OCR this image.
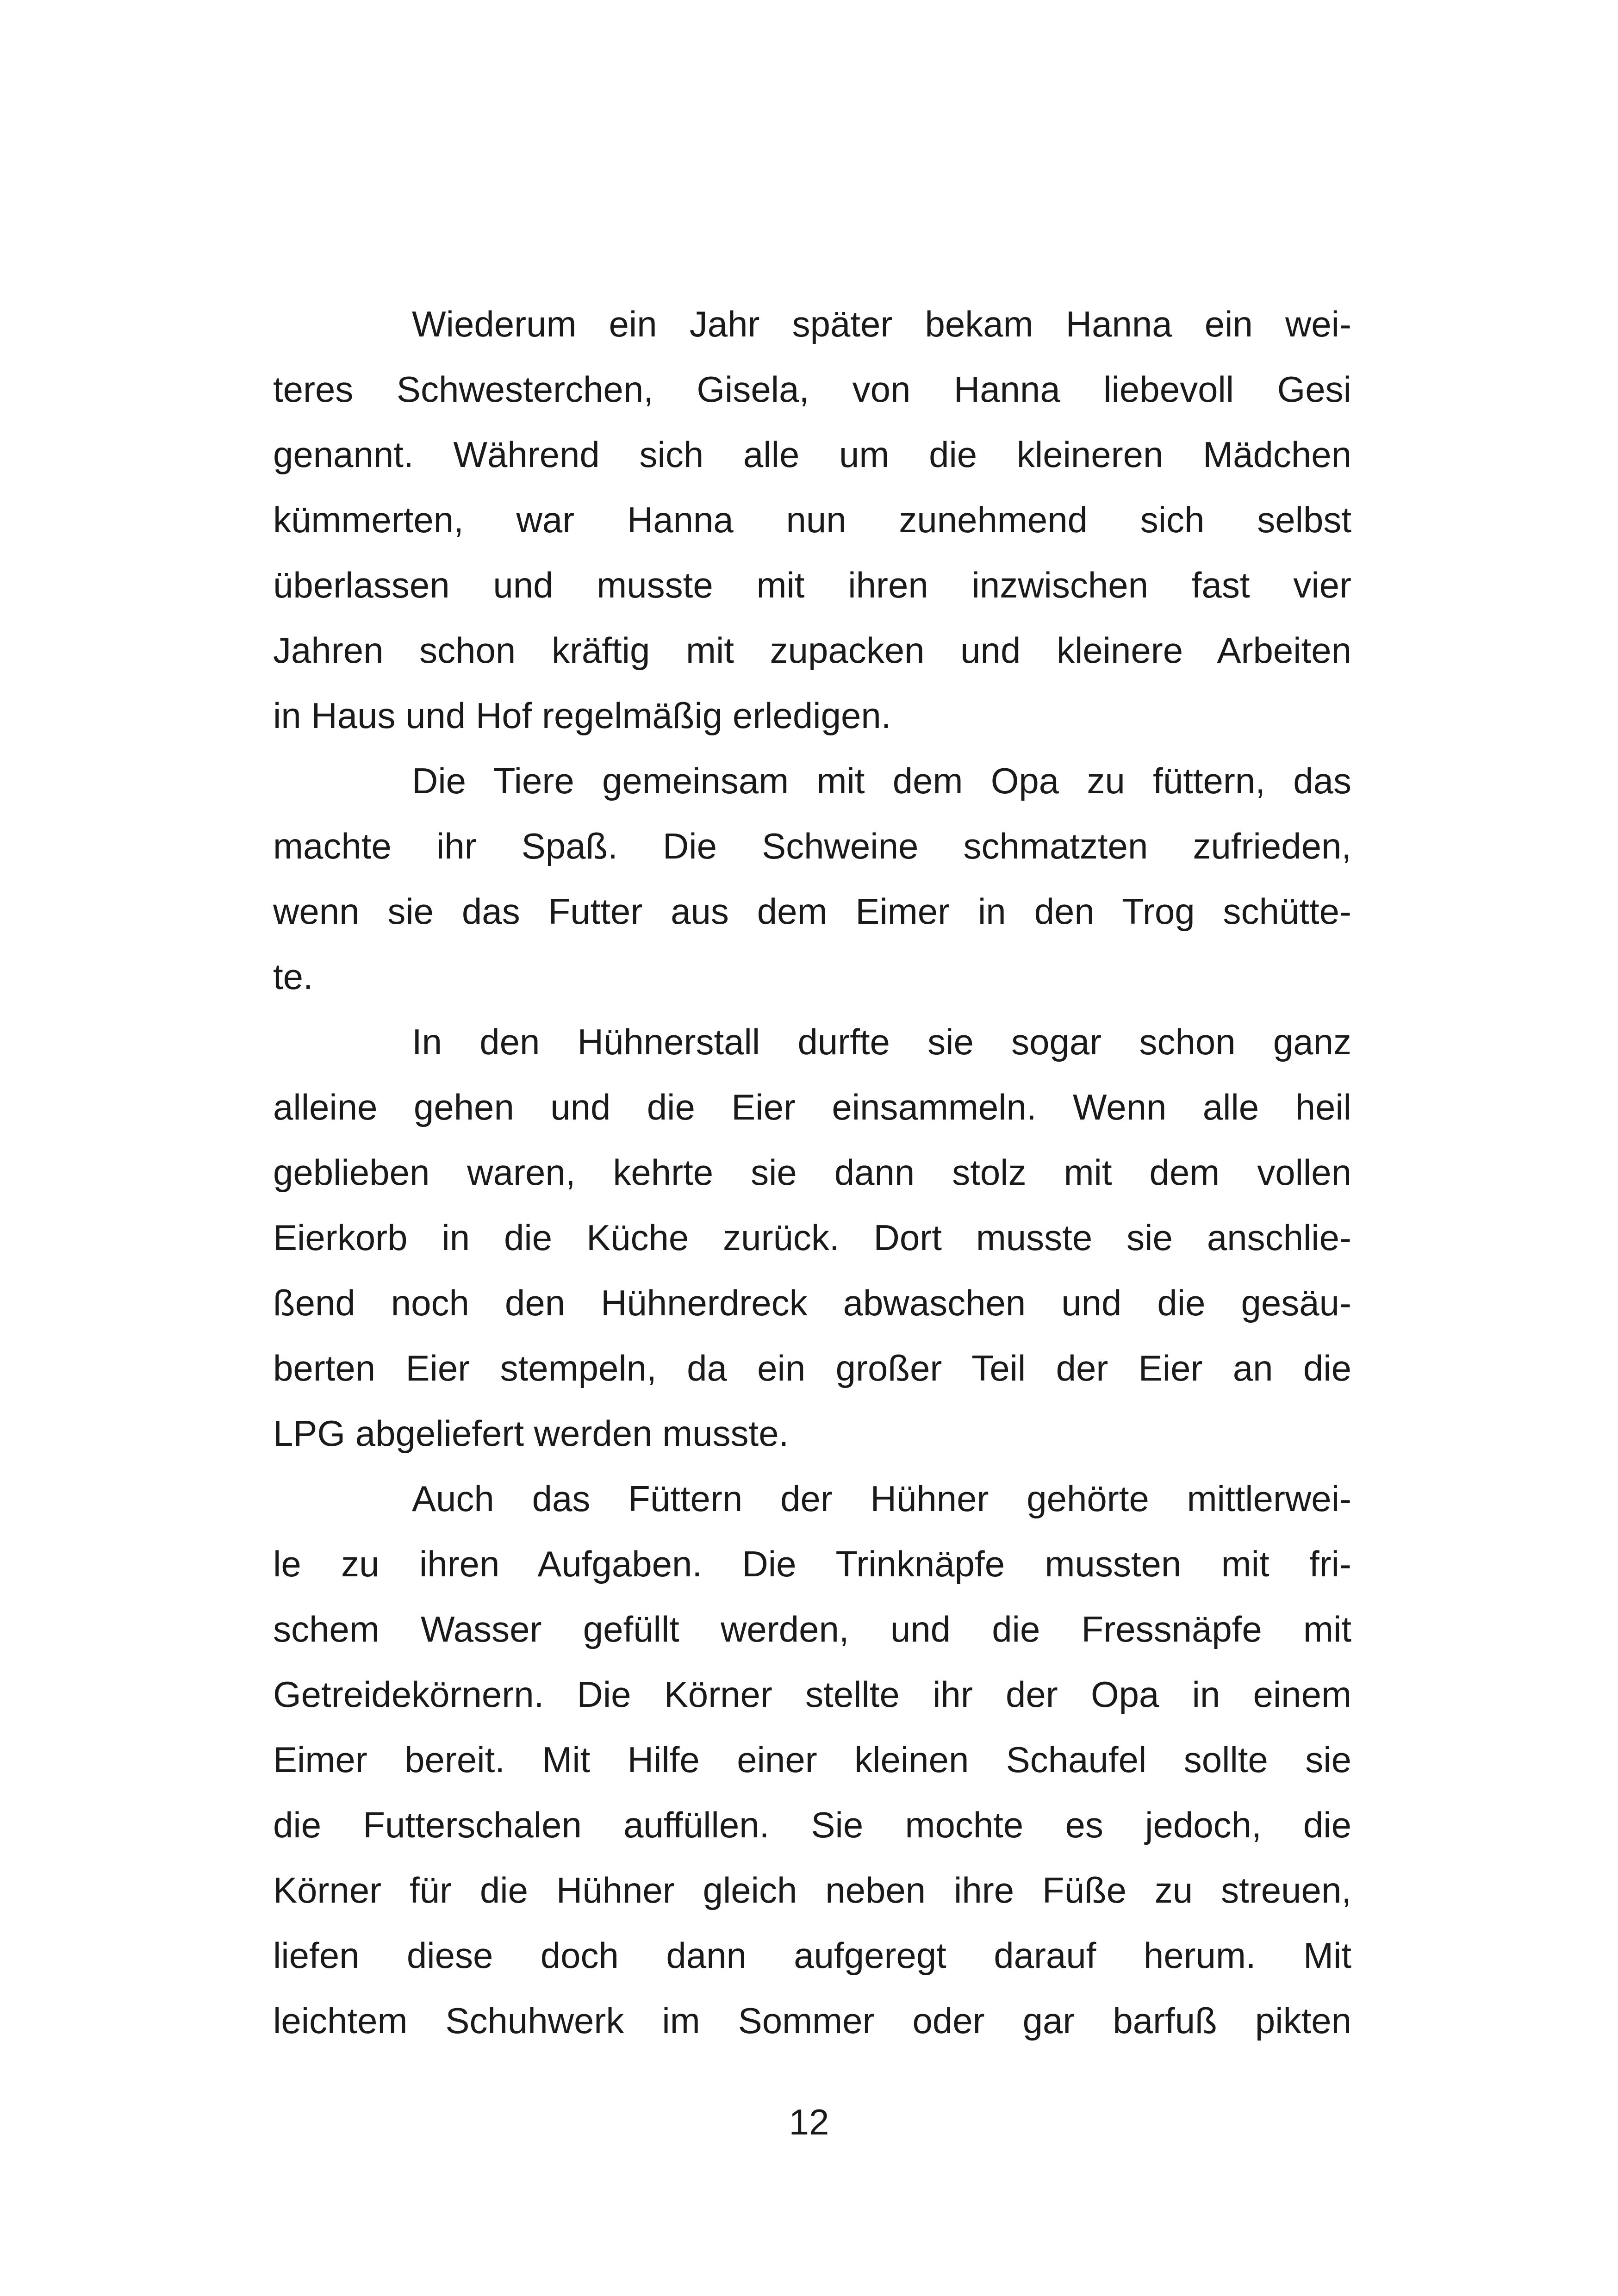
Wiederum ein Jahr später bekam Hanna ein wei-
teres Schwesterchen, Gisela, von Hanna liebevoll Gesi
genannt. Während sich alle um die kleineren Mädchen
kümmerten, war Hanna nun zunehmend sich selbst
überlassen und musste mit ihren inzwischen fast vier
Jahren schon kräftig mit zupacken und kleinere Arbeiten
in Haus und Hof regelmäßig erledigen.
Die Tiere gemeinsam mit dem Opa zu füttern, das
machte ihr Spaß. Die Schweine schmatzten zufrieden,
wenn sie das Futter aus dem Eimer in den Trog schütte-
te.
In den Hühnerstall durfte sie sogar schon ganz
alleine gehen und die Eier einsammeln. Wenn alle heil
geblieben waren, kehrte sie dann stolz mit dem vollen
Eierkorb in die Küche zurück. Dort musste sie anschlie-
ßend noch den Hühnerdreck abwaschen und die gesäu-
berten Eier stempeln, da ein großer Teil der Eier an die
LPG abgeliefert werden musste.
Auch das Füttern der Hühner gehörte mittlerwei-
le zu ihren Aufgaben. Die Trinknäpfe mussten mit fri-
schem Wasser gefüllt werden, und die Fressnäpfe mit
Getreidekörnern. Die Körner stellte ihr der Opa in einem
Eimer bereit. Mit Hilfe einer kleinen Schaufel sollte sie
die Futterschalen auffüllen. Sie mochte es jedoch, die
Körner für die Hühner gleich neben ihre Füße zu streuen,
liefen diese doch dann aufgeregt darauf herum. Mit
leichtem Schuhwerk im Sommer oder gar barfuß pikten
12
